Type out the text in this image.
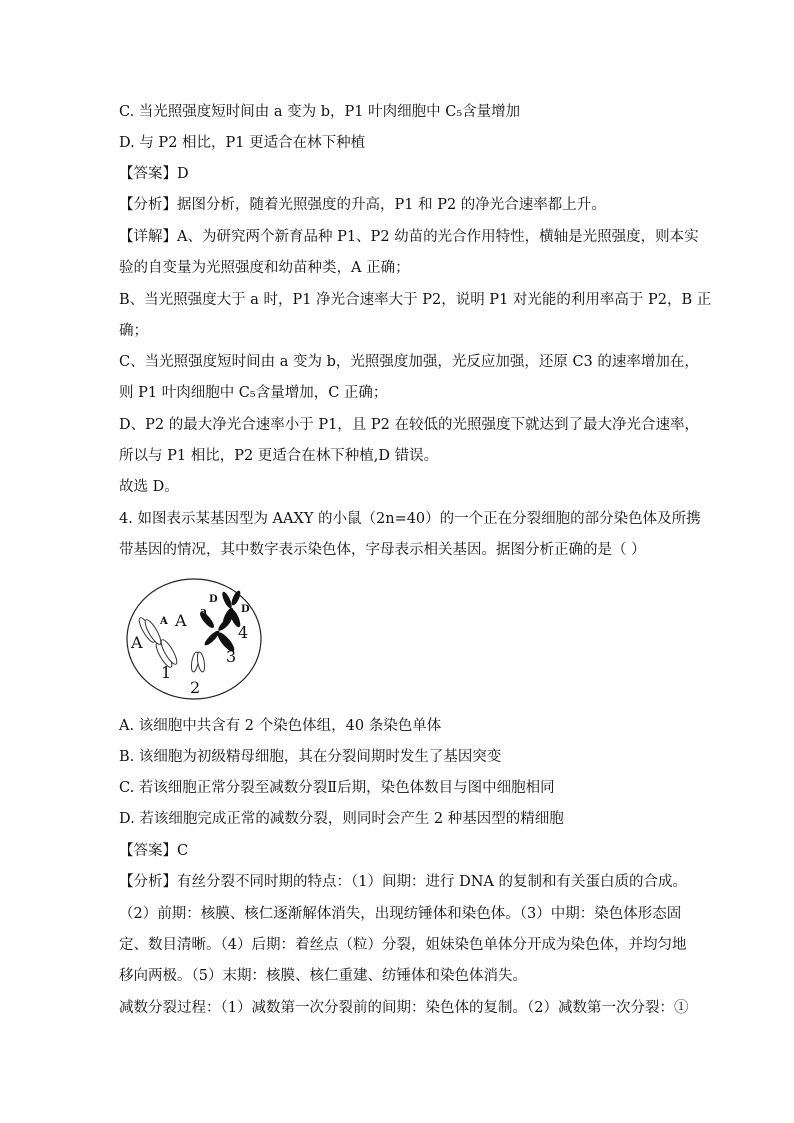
C. 当光照强度短时间由 a 变为 b，P1 叶肉细胞中 C₅含量增加
D. 与 P2 相比，P1 更适合在林下种植
【答案】D
【分析】据图分析，随着光照强度的升高，P1 和 P2 的净光合速率都上升。
【详解】A、为研究两个新育品种 P1、P2 幼苗的光合作用特性，横轴是光照强度，则本实
验的自变量为光照强度和幼苗种类，A 正确；
B、当光照强度大于 a 时，P1 净光合速率大于 P2，说明 P1 对光能的利用率高于 P2，B 正
确；
C、当光照强度短时间由 a 变为 b，光照强度加强，光反应加强，还原 C3 的速率增加在，
则 P1 叶肉细胞中 C₅含量增加，C 正确；
D、P2 的最大净光合速率小于 P1，且 P2 在较低的光照强度下就达到了最大净光合速率，
所以与 P1 相比，P2 更适合在林下种植,D 错误。
故选 D。
4. 如图表示某基因型为 AAXY 的小鼠（2n=40）的一个正在分裂细胞的部分染色体及所携
带基因的情况，其中数字表示染色体，字母表示相关基因。据图分析正确的是（ ）
A
A A a
D
D
1
2
3
4
A. 该细胞中共含有 2 个染色体组，40 条染色单体
B. 该细胞为初级精母细胞，其在分裂间期时发生了基因突变
C. 若该细胞正常分裂至减数分裂Ⅱ后期，染色体数目与图中细胞相同
D. 若该细胞完成正常的减数分裂，则同时会产生 2 种基因型的精细胞
【答案】C
【分析】有丝分裂不同时期的特点：（1）间期：进行 DNA 的复制和有关蛋白质的合成。
（2）前期：核膜、核仁逐渐解体消失，出现纺锤体和染色体。（3）中期：染色体形态固
定、数目清晰。（4）后期：着丝点（粒）分裂，姐妹染色单体分开成为染色体，并均匀地
移向两极。（5）末期：核膜、核仁重建、纺锤体和染色体消失。
减数分裂过程：（1）减数第一次分裂前的间期：染色体的复制。（2）减数第一次分裂：①
